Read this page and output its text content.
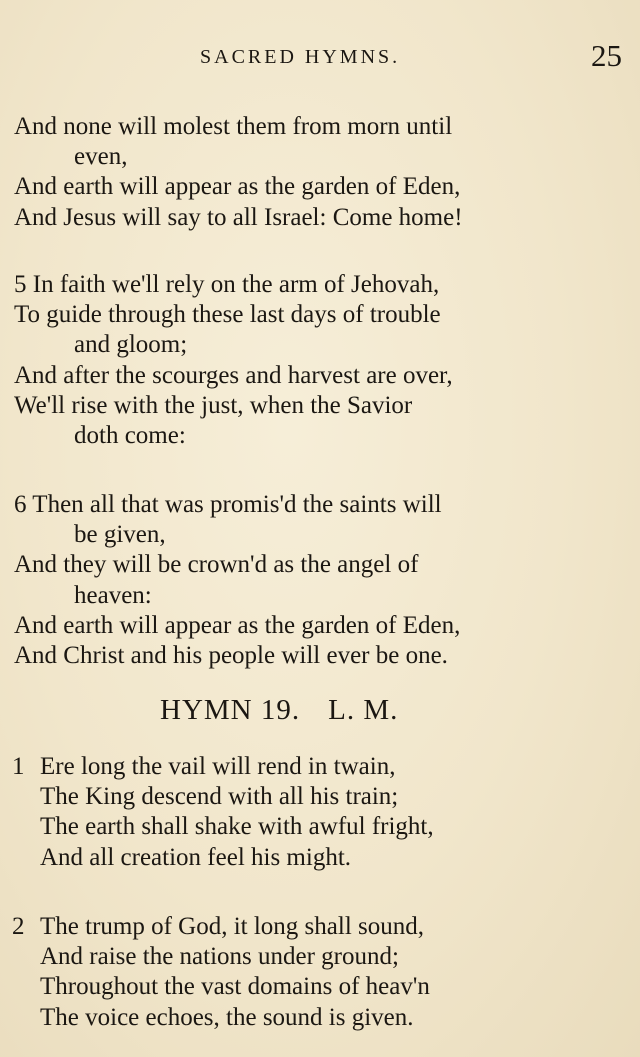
SACRED HYMNS.	25
And none will molest them from morn until
even,
And earth will appear as the garden of Eden,
And Jesus will say to all Israel: Come home!
5 In faith we'll rely on the arm of Jehovah,
To guide through these last days of trouble
and gloom;
And after the scourges and harvest are over,
We'll rise with the just, when the Savior
doth come:
6 Then all that was promis'd the saints will
be given,
And they will be crown'd as the angel of
heaven:
And earth will appear as the garden of Eden,
And Christ and his people will ever be one.
HYMN 19. L. M.
1 Ere long the vail will rend in twain,
The King descend with all his train;
The earth shall shake with awful fright,
And all creation feel his might.
2 The trump of God, it long shall sound,
And raise the nations under ground;
Throughout the vast domains of heav'n
The voice echoes, the sound is given.
